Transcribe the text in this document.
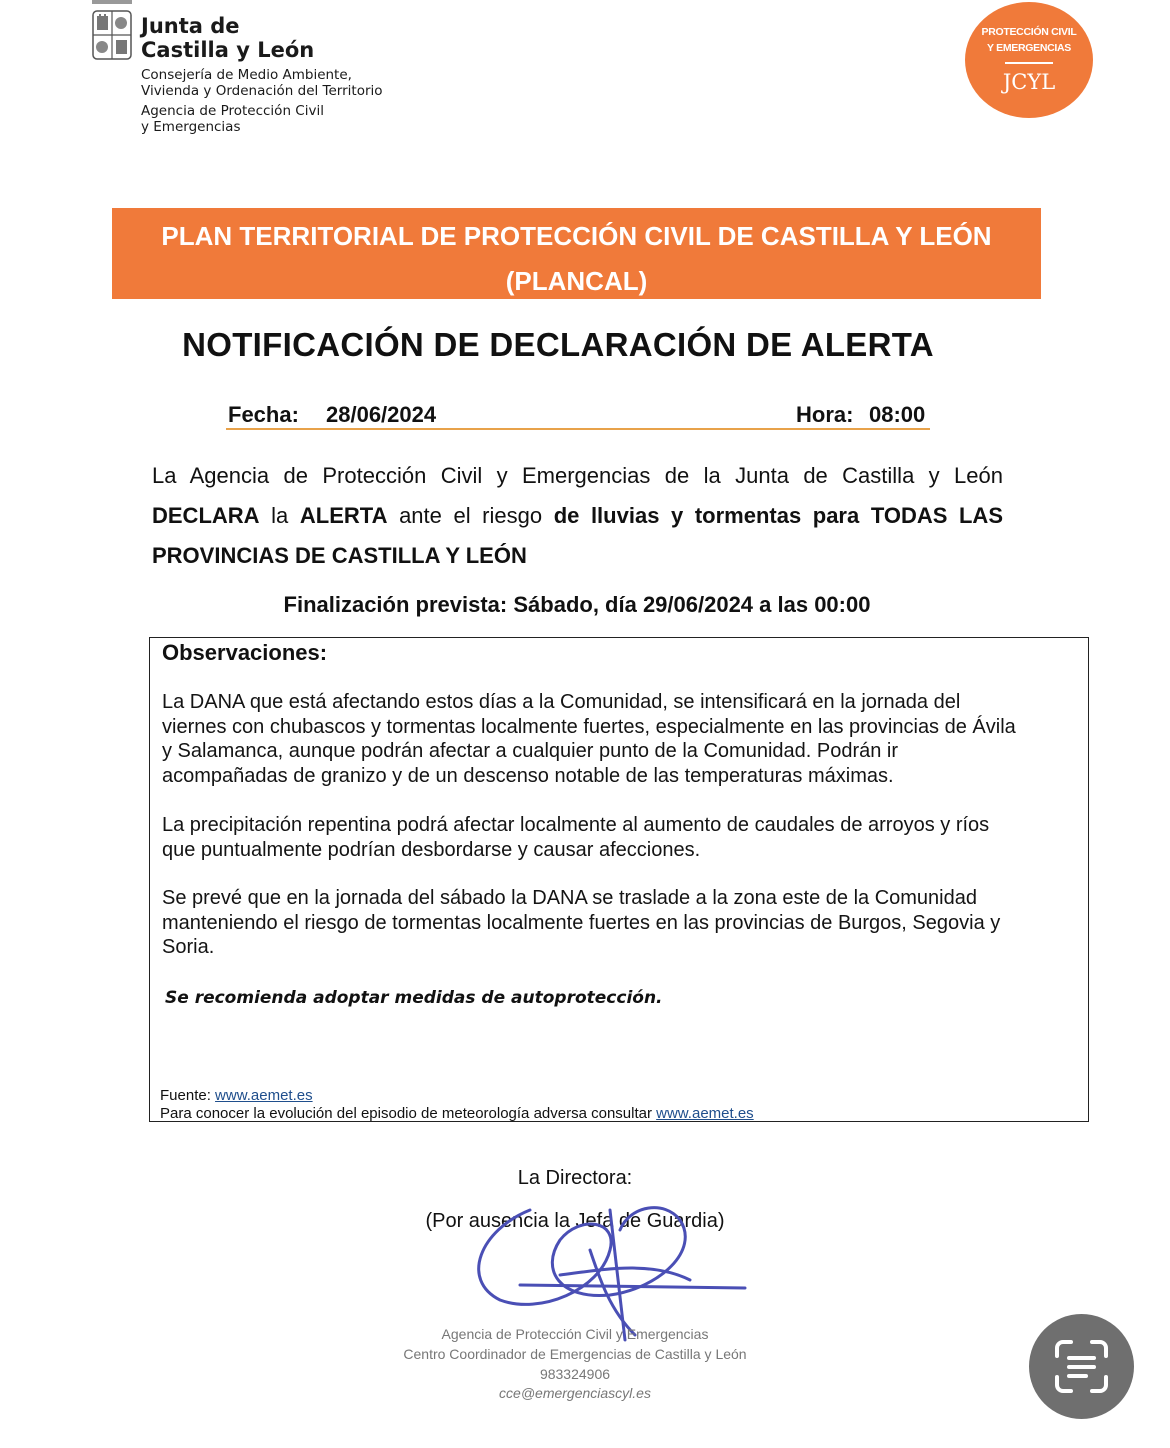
Junta de
Castilla y León
Consejería de Medio Ambiente,
Vivienda y Ordenación del Territorio
Agencia de Protección Civil
y Emergencias
PROTECCIÓN CIVIL
Y EMERGENCIAS
JCYL
PLAN TERRITORIAL DE PROTECCIÓN CIVIL DE CASTILLA Y LEÓN
(PLANCAL)
NOTIFICACIÓN DE DECLARACIÓN DE ALERTA
Fecha: 28/06/2024	Hora: 08:00
La Agencia de Protección Civil y Emergencias de la Junta de Castilla y León
DECLARA la ALERTA ante el riesgo de lluvias y tormentas para TODAS LAS
PROVINCIAS DE CASTILLA Y LEÓN
Finalización prevista: Sábado, día 29/06/2024 a las 00:00
Observaciones:
La DANA que está afectando estos días a la Comunidad, se intensificará en la jornada del
viernes con chubascos y tormentas localmente fuertes, especialmente en las provincias de Ávila
y Salamanca, aunque podrán afectar a cualquier punto de la Comunidad. Podrán ir
acompañadas de granizo y de un descenso notable de las temperaturas máximas.
La precipitación repentina podrá afectar localmente al aumento de caudales de arroyos y ríos
que puntualmente podrían desbordarse y causar afecciones.
Se prevé que en la jornada del sábado la DANA se traslade a la zona este de la Comunidad
manteniendo el riesgo de tormentas localmente fuertes en las provincias de Burgos, Segovia y
Soria.
Se recomienda adoptar medidas de autoprotección.
Fuente: www.aemet.es
Para conocer la evolución del episodio de meteorología adversa consultar www.aemet.es
La Directora:
(Por ausencia la Jefa de Guardia)
Agencia de Protección Civil y Emergencias
Centro Coordinador de Emergencias de Castilla y León
983324906
cce@emergenciascyl.es
